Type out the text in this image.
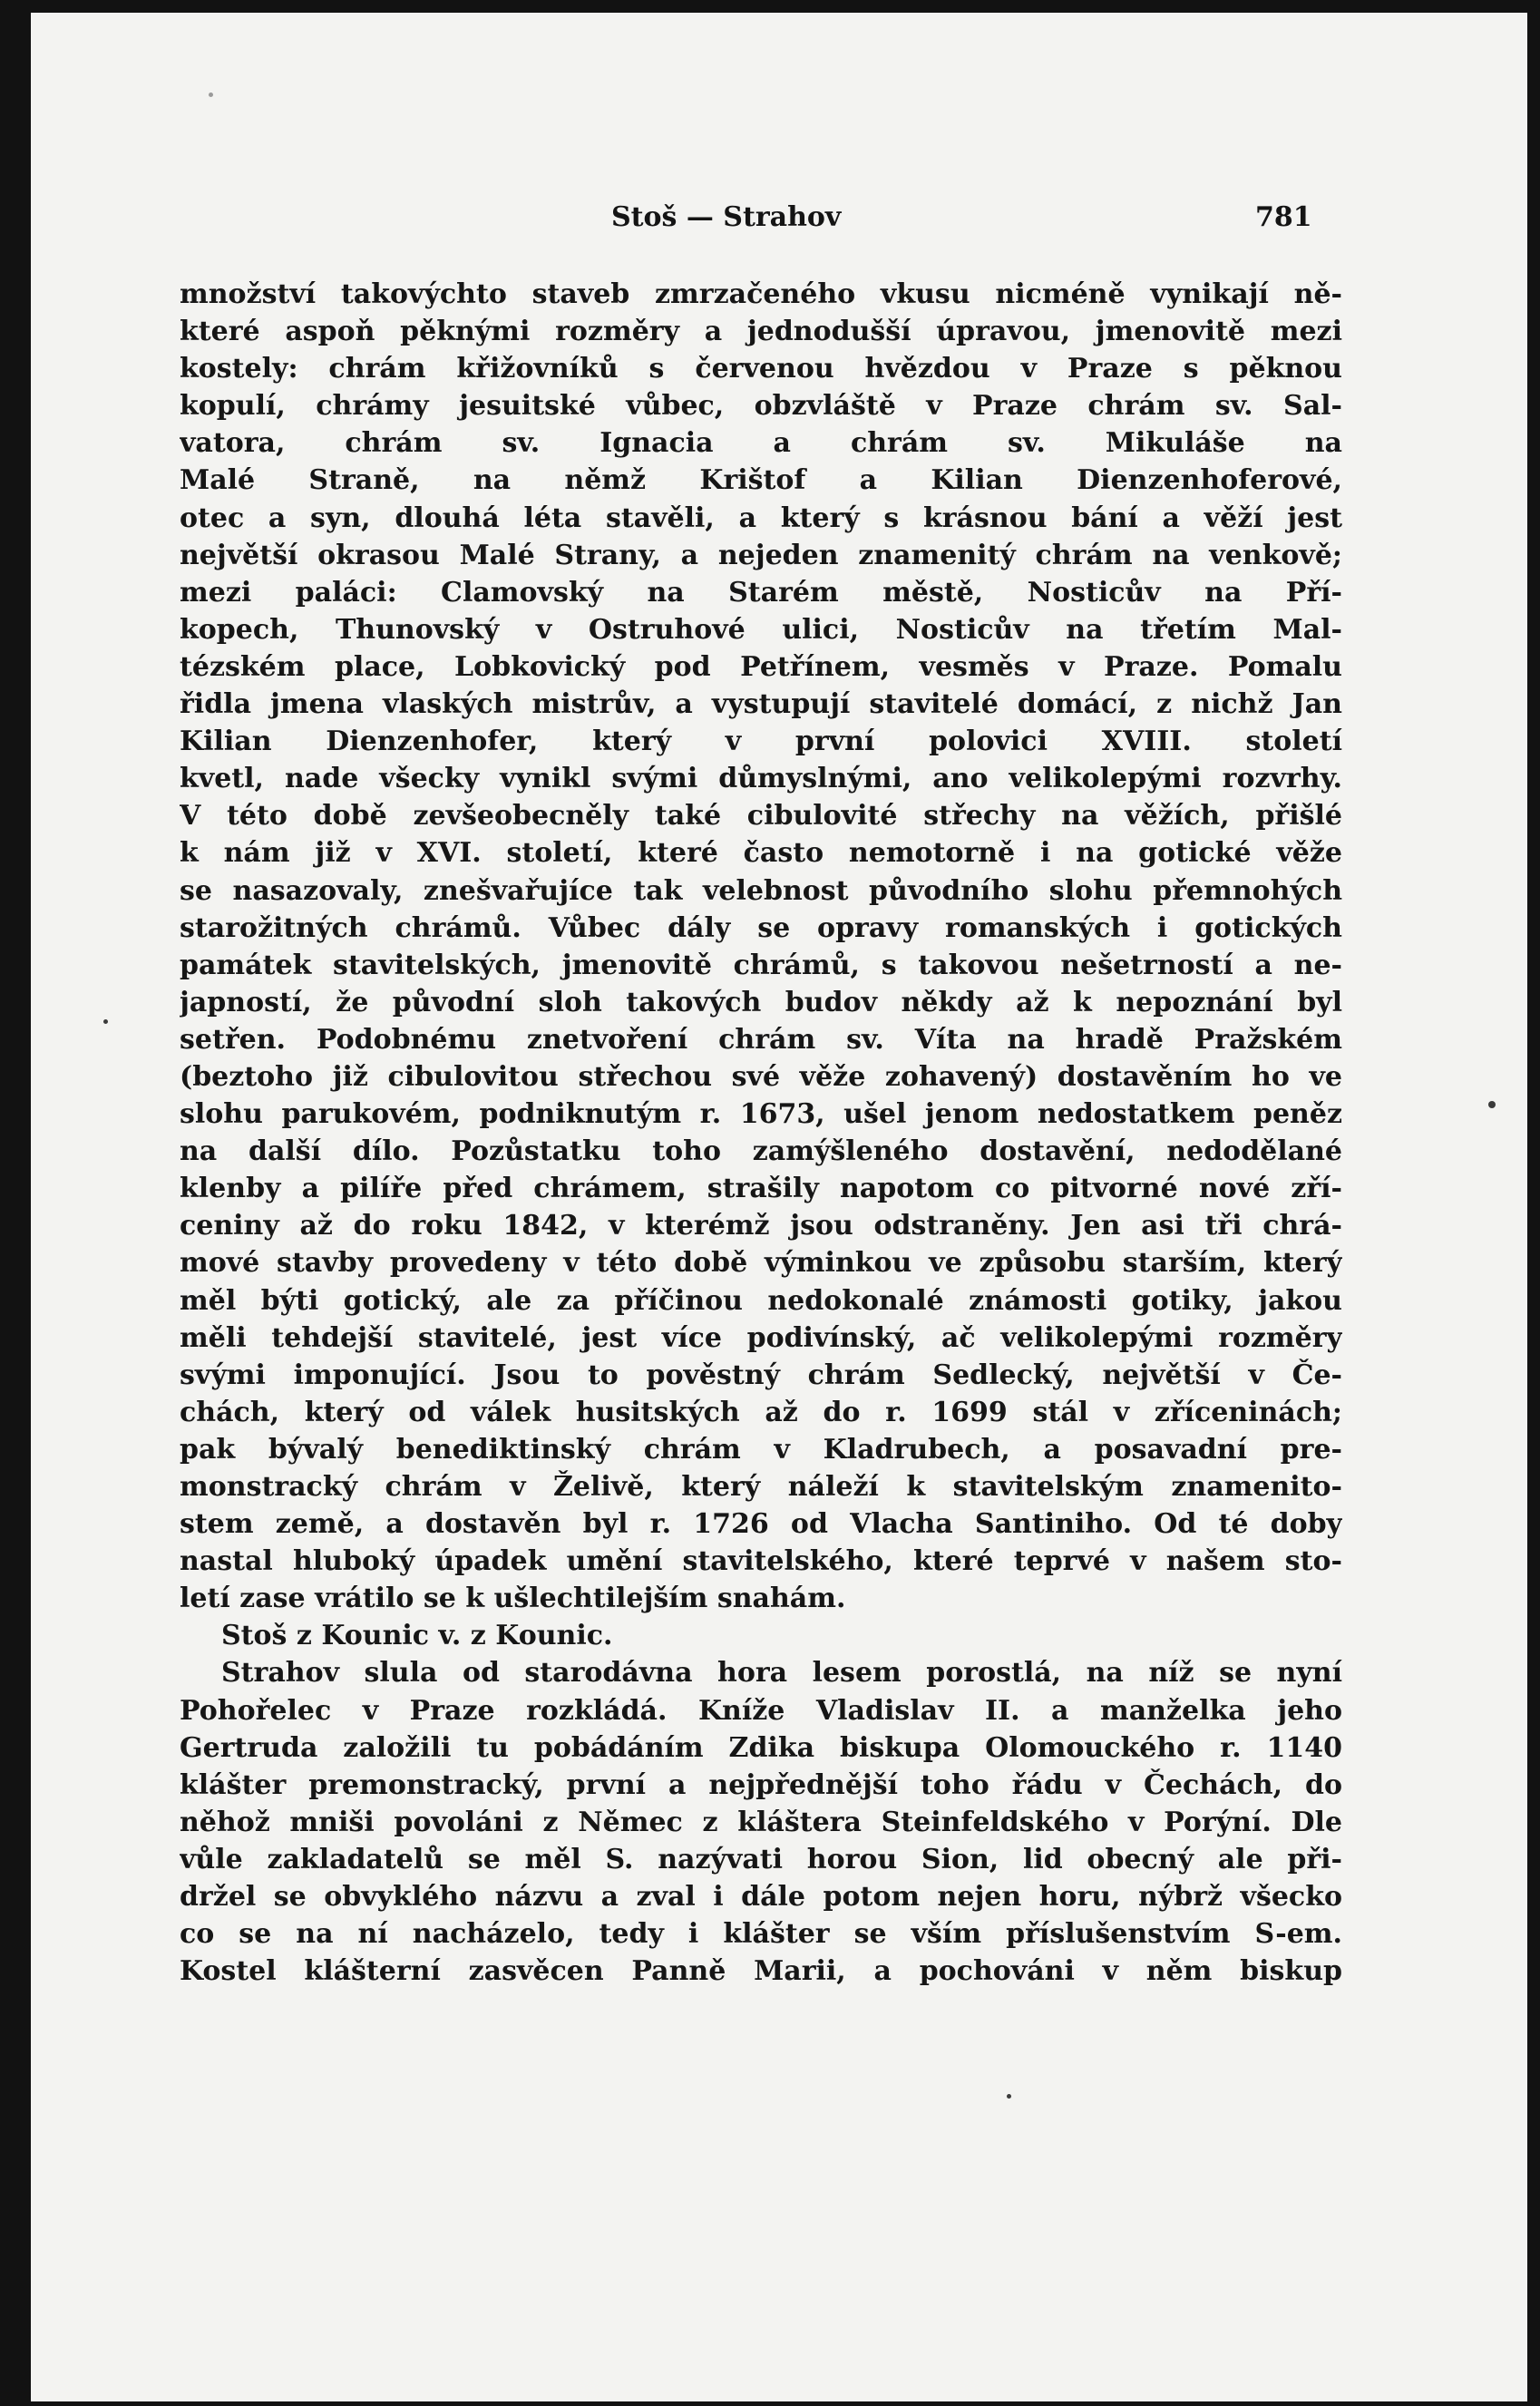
Stoš — Strahov	781
množství takovýchto staveb zmrzačeného vkusu nicméně vynikají ně-
které aspoň pěknými rozměry a jednodušší úpravou, jmenovitě mezi
kostely: chrám křižovníků s červenou hvězdou v Praze s pěknou
kopulí, chrámy jesuitské vůbec, obzvláště v Praze chrám sv. Sal-
vatora, chrám sv. Ignacia a chrám sv. Mikuláše na
Malé Straně, na němž Krištof a Kilian Dienzenhoferové,
otec a syn, dlouhá léta stavěli, a který s krásnou bání a věží jest
největší okrasou Malé Strany, a nejeden znamenitý chrám na venkově;
mezi paláci: Clamovský na Starém městě, Nosticův na Pří-
kopech, Thunovský v Ostruhové ulici, Nosticův na třetím Mal-
tézském place, Lobkovický pod Petřínem, vesměs v Praze. Pomalu
řidla jmena vlaských mistrův, a vystupují stavitelé domácí, z nichž Jan
Kilian Dienzenhofer, který v první polovici XVIII. století
kvetl, nade všecky vynikl svými důmyslnými, ano velikolepými rozvrhy.
V této době zevšeobecněly také cibulovité střechy na věžích, přišlé
k nám již v XVI. století, které často nemotorně i na gotické věže
se nasazovaly, znešvařujíce tak velebnost původního slohu přemnohých
starožitných chrámů. Vůbec dály se opravy romanských i gotických
památek stavitelských, jmenovitě chrámů, s takovou nešetrností a ne-
japností, že původní sloh takových budov někdy až k nepoznání byl
setřen. Podobnému znetvoření chrám sv. Víta na hradě Pražském
(beztoho již cibulovitou střechou své věže zohavený) dostavěním ho ve
slohu parukovém, podniknutým r. 1673, ušel jenom nedostatkem peněz
na další dílo. Pozůstatku toho zamýšleného dostavění, nedodělané
klenby a pilíře před chrámem, strašily napotom co pitvorné nové zří-
ceniny až do roku 1842, v kterémž jsou odstraněny. Jen asi tři chrá-
mové stavby provedeny v této době výminkou ve způsobu starším, který
měl býti gotický, ale za příčinou nedokonalé známosti gotiky, jakou
měli tehdejší stavitelé, jest více podivínský, ač velikolepými rozměry
svými imponující. Jsou to pověstný chrám Sedlecký, největší v Če-
chách, který od válek husitských až do r. 1699 stál v zříceninách;
pak bývalý benediktinský chrám v Kladrubech, a posavadní pre-
monstracký chrám v Želivě, který náleží k stavitelským znamenito-
stem země, a dostavěn byl r. 1726 od Vlacha Santiniho. Od té doby
nastal hluboký úpadek umění stavitelského, které teprvé v našem sto-
letí zase vrátilo se k ušlechtilejším snahám.
Stoš z Kounic v. z Kounic.
Strahov slula od starodávna hora lesem porostlá, na níž se nyní
Pohořelec v Praze rozkládá. Kníže Vladislav II. a manželka jeho
Gertruda založili tu pobádáním Zdika biskupa Olomouckého r. 1140
klášter premonstracký, první a nejpřednější toho řádu v Čechách, do
něhož mniši povoláni z Němec z kláštera Steinfeldského v Porýní. Dle
vůle zakladatelů se měl S. nazývati horou Sion, lid obecný ale při-
držel se obvyklého názvu a zval i dále potom nejen horu, nýbrž všecko
co se na ní nacházelo, tedy i klášter se vším příslušenstvím S-em.
Kostel klášterní zasvěcen Panně Marii, a pochováni v něm biskup
